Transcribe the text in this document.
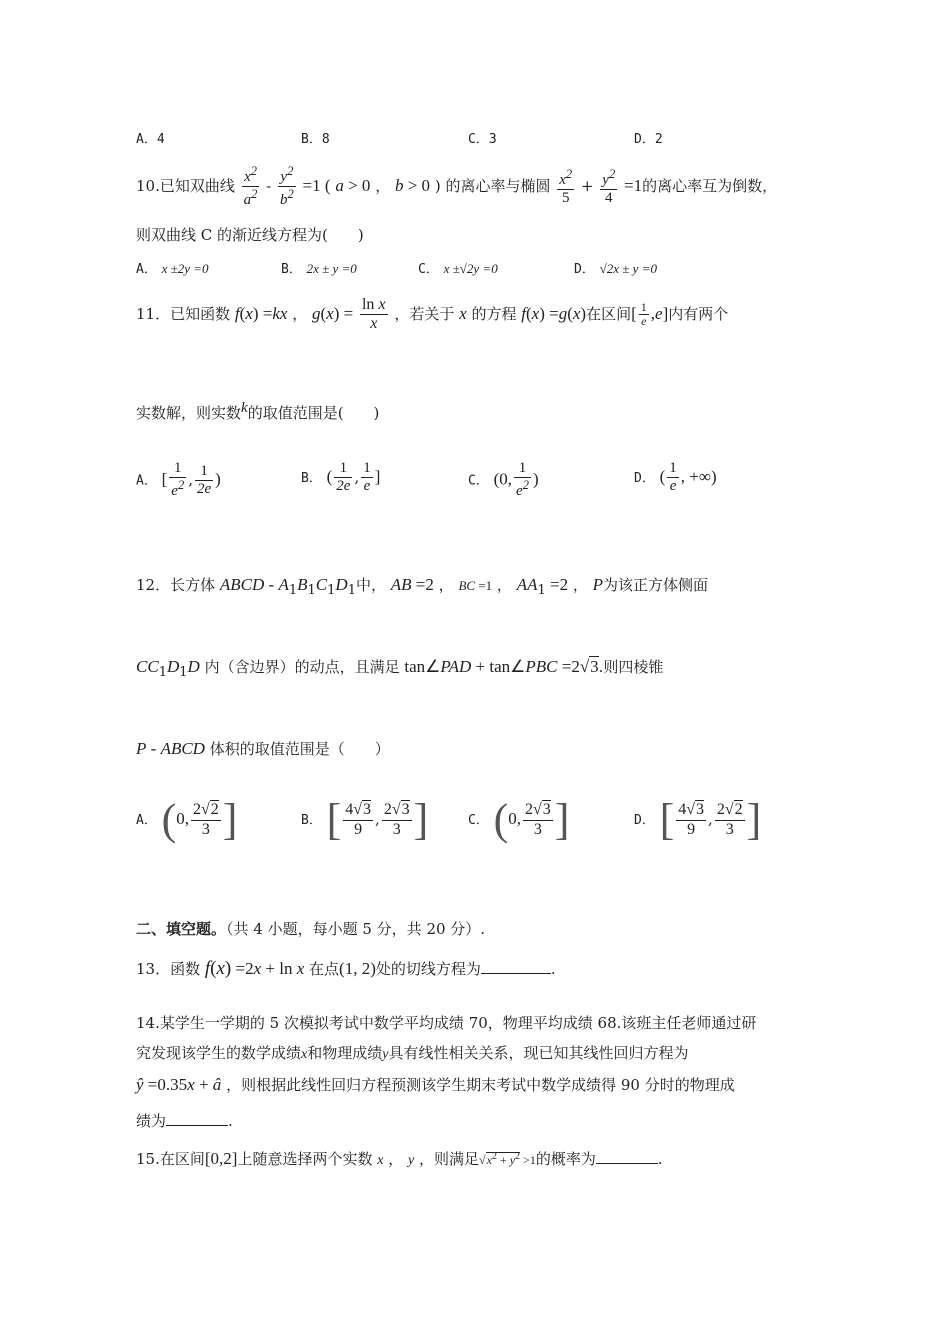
A．4	B．8	C．3	D．2
10.已知双曲线 $\frac{x^2}{a^2} - \frac{y^2}{b^2} =1$ ( a > 0 ， b > 0 ) 的离心率与椭圆 $\frac{x^2}{5} + \frac{y^2}{4} =1$的离心率互为倒数，
则双曲线 C 的渐近线方程为(　　)
A． x ±2y =0	B． 2x ± y =0	C． x ±√2y =0	D． √2x ± y =0
11．已知函数 f(x) =kx ， $g(x) = \frac{\text{ln x}}{x}$ ，若关于 x 的方程 f(x) =g(x)在区间[ $\frac{1}{e} ,e$]内有两个
实数解，则实数$^k$的取值范围是(　　)
A． [ $\frac{1}{e^2}$ , $\frac{1}{2e}$ )	B． ( $\frac{1}{2e}$ , $\frac{1}{e}$ ]	C． (0, $\frac{1}{e^2}$ )	D． ( $\frac{1}{e}$ , +∞)
12．长方体 ABCD - $A_1B_1C_1D_1$中， AB =2 ， BC =1 ， $AA_1 =2$ ， P为该正方体侧面
$CC_1D_1D$ 内（含边界）的动点，且满足 tan∠PAD + tan∠PBC =2√3.则四棱锥
P - ABCD 体积的取值范围是（　　）
A． (0, $\frac{2√2}{3}$ ]	B． [ $\frac{4√3}{9}$ , $\frac{2√3}{3}$ ]	C． (0, $\frac{2√3}{3}$ ]	D． [ $\frac{4√3}{9}$ , $\frac{2√2}{3}$ ]
二、填空题。（共 4 小题，每小题 5 分，共 20 分）.
13．函数 f(x) =2x + ln x 在点(1, 2)处的切线方程为	.
14.某学生一学期的 5 次模拟考试中数学平均成绩 70，物理平均成绩 68.该班主任老师通过研
究发现该学生的数学成绩x和物理成绩y具有线性相关关系，现已知其线性回归方程为
ŷ =0.35x + â ，则根据此线性回归方程预测该学生期末考试中数学成绩得 90 分时的物理成
绩为	.
15.在区间[0,2]上随意选择两个实数 x ， y ，则满足$√x^2 + y^2 >1$的概率为	.
